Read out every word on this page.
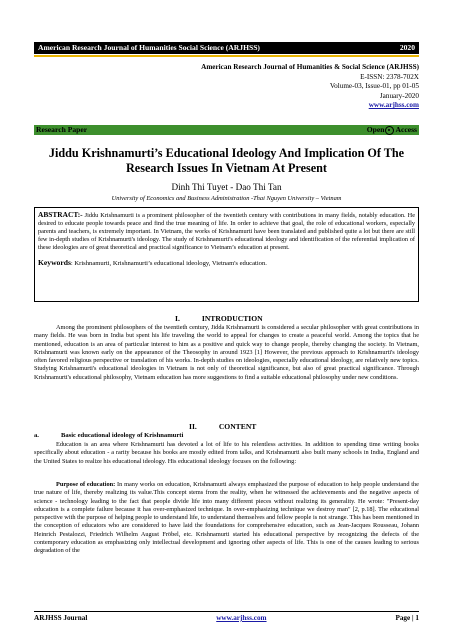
American Research Journal of Humanities Social Science (ARJHSS)	2020
American Research Journal of Humanities & Social Science (ARJHSS)
E-ISSN: 2378-702X
Volume-03, Issue-01, pp 01-05
January-2020
www.arjhss.com
Research Paper	Open Access
Jiddu Krishnamurti’s Educational Ideology And Implication Of The Research Issues In Vietnam At Present
Dinh Thi Tuyet - Dao Thi Tan
University of Economics and Business Administration -Thai Nguyen University – Vietnam
ABSTRACT:- Jiddu Krishnamurti is a prominent philosopher of the twentieth century with contributions in many fields, notably education. He desired to educate people towards peace and find the true meaning of life. In order to achieve that goal, the role of educational workers, especially parents and teachers, is extremely important. In Vietnam, the works of Krishnamurti have been translated and published quite a lot but there are still few in-depth studies of Krishnamurti's ideology. The study of Krishnamurti's educational ideology and identification of the referential implication of these ideologies are of great theoretical and practical significance to Vietnam’s education at present.
Keywords: Krishnamurti, Krishnamurti’s educational ideology, Vietnam's education.
I.	INTRODUCTION
Among the prominent philosophers of the twentieth century, Jidda Krishnamurti is considered a secular philosopher with great contributions in many fields. He was born in India but spent his life traveling the world to appeal for changes to create a peaceful world. Among the topics that he mentioned, education is an area of particular interest to him as a positive and quick way to change people, thereby changing the society. In Vietnam, Krishnamurti was known early on the appearance of the Theosophy in around 1923 [1] However, the previous approach to Krishnamurti's ideology often favored religious perspective or translation of his works. In-depth studies on ideologies, especially educational ideology, are relatively new topics. Studying Krishnamurti's educational ideologies in Vietnam is not only of theoretical significance, but also of great practical significance. Through Krishnamurti's educational philosophy, Vietnam education has more suggestions to find a suitable educational philosophy under new conditions.
II.	CONTENT
a.	Basic educational ideology of Krishnamurti
Education is an area where Krishnamurti has devoted a lot of life to his relentless activities. In addition to spending time writing books specifically about education - a rarity because his books are mostly edited from talks, and Krishnamurti also built many schools in India, England and the United States to realize his educational ideology. His educational ideology focuses on the following:
Purpose of education: In many works on education, Krishnamurti always emphasized the purpose of education to help people understand the true nature of life, thereby realizing its value.This concept stems from the reality, when he witnessed the achievements and the negative aspects of science - technology leading to the fact that people divide life into many different pieces without realizing its generality. He wrote: "Present-day education is a complete failure because it has over-emphasized technique. In over-emphasizing technique we destroy man" [2, p.18]. The educational perspective with the purpose of helping people to understand life, to understand themselves and fellow people is not strange. This has been mentioned in the conception of educators who are considered to have laid the foundations for comprehensive education, such as Jean-Jacques Rousseau, Johann Heinrich Pestalozzi, Friedrich Wilhelm August Fröbel, etc. Krishnamurti started his educational perspective by recognizing the defects of the contemporary education as emphasizing only intellectual development and ignoring other aspects of life. This is one of the causes leading to serious degradation of the
ARJHSS Journal	www.arjhss.com	Page | 1
